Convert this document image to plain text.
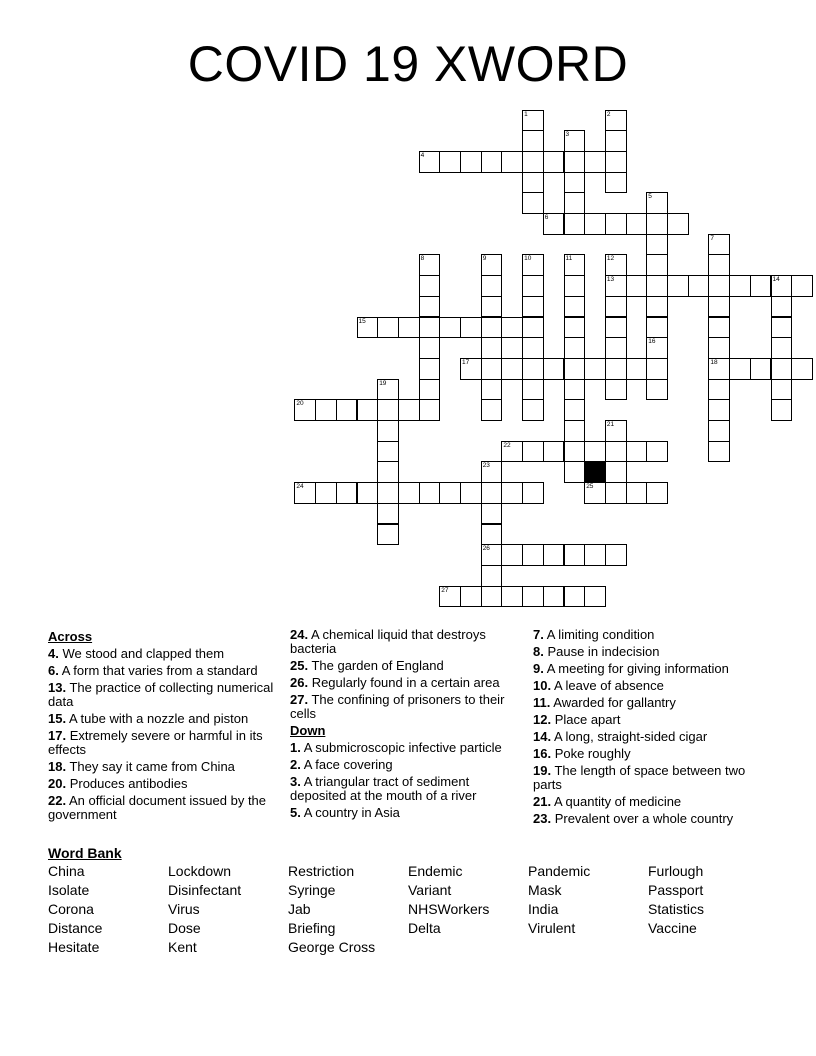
COVID 19 XWORD
4
6
13	14
15
17	18
20
22
24	25
26
27
1	2
3
5
16
7
8	9	10	11	12
19
21
23
Across
4. We stood and clapped them
6. A form that varies from a standard
13. The practice of collecting numerical data
15. A tube with a nozzle and piston
17. Extremely severe or harmful in its effects
18. They say it came from China
20. Produces antibodies
22. An official document issued by the government
24. A chemical liquid that destroys bacteria
25. The garden of England
26. Regularly found in a certain area
27. The confining of prisoners to their cells
Down
1. A submicroscopic infective particle
2. A face covering
3. A triangular tract of sediment deposited at the mouth of a river
5. A country in Asia
7. A limiting condition
8. Pause in indecision
9. A meeting for giving information
10. A leave of absence
11. Awarded for gallantry
12. Place apart
14. A long, straight-sided cigar
16. Poke roughly
19. The length of space between two parts
21. A quantity of medicine
23. Prevalent over a whole country
Word Bank
China	Lockdown	Restriction	Endemic	Pandemic	Furlough
Isolate	Disinfectant	Syringe	Variant	Mask	Passport
Corona	Virus	Jab	NHSWorkers	India	Statistics
Distance	Dose	Briefing	Delta	Virulent	Vaccine
Hesitate	Kent	George Cross
